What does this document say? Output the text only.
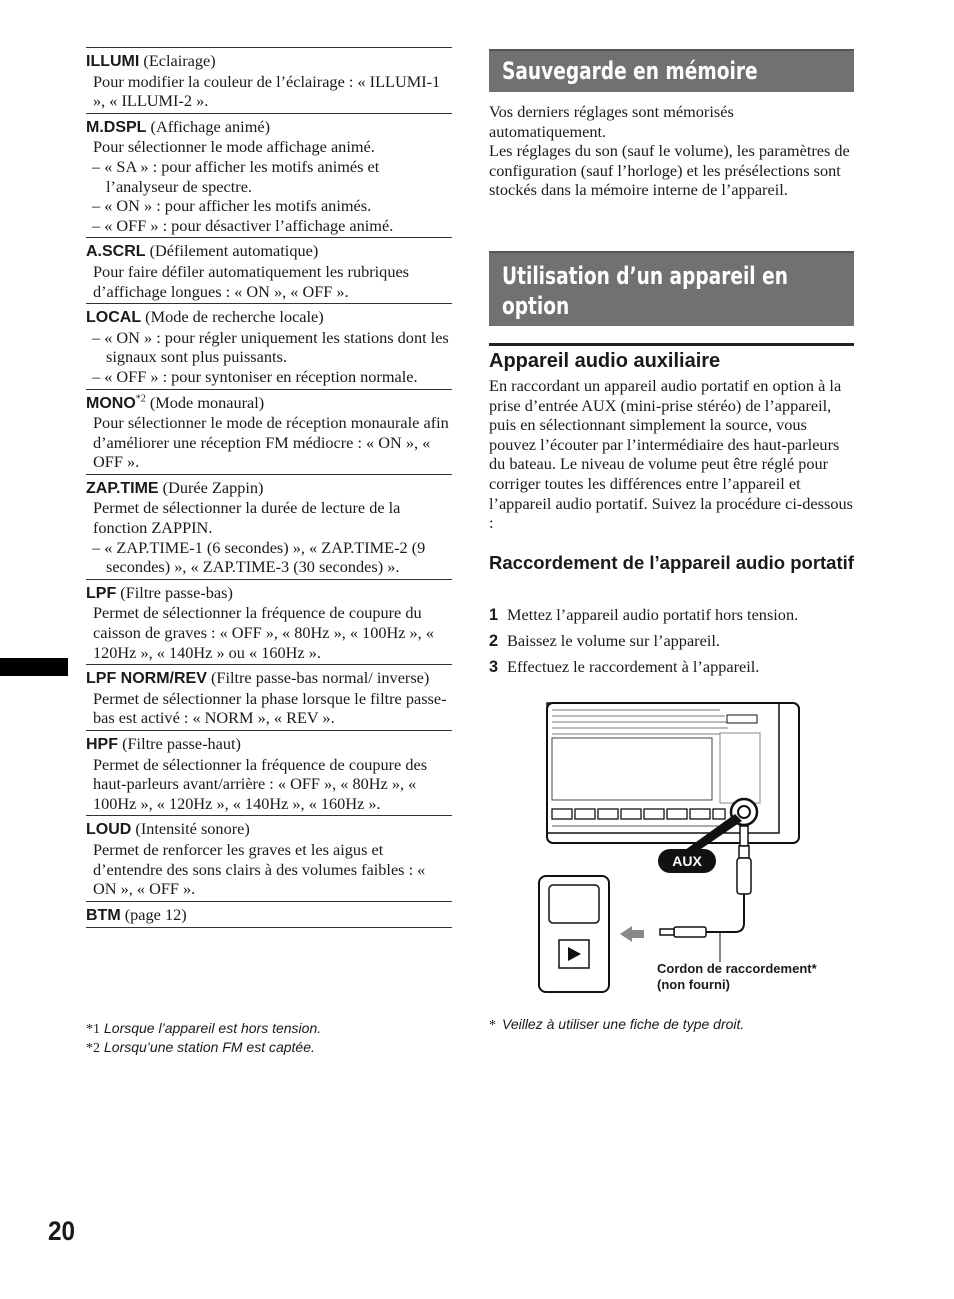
ILLUMI (Eclairage)
Pour modifier la couleur de l’éclairage : « ILLUMI-1 », « ILLUMI-2 ».
M.DSPL (Affichage animé)
Pour sélectionner le mode affichage animé.
– « SA » : pour afficher les motifs animés et l’analyseur de spectre.
– « ON » : pour afficher les motifs animés.
– « OFF » : pour désactiver l’affichage animé.
A.SCRL (Défilement automatique)
Pour faire défiler automatiquement les rubriques d’affichage longues : « ON », « OFF ».
LOCAL (Mode de recherche locale)
– « ON » : pour régler uniquement les stations dont les signaux sont plus puissants.
– « OFF » : pour syntoniser en réception normale.
MONO$^{*2}$ (Mode monaural)
Pour sélectionner le mode de réception monaurale afin d’améliorer une réception FM médiocre : « ON », « OFF ».
ZAP.TIME (Durée Zappin)
Permet de sélectionner la durée de lecture de la fonction ZAPPIN.
– « ZAP.TIME-1 (6 secondes) », « ZAP.TIME-2 (9 secondes) », « ZAP.TIME-3 (30 secondes) ».
LPF (Filtre passe-bas)
Permet de sélectionner la fréquence de coupure du caisson de graves : « OFF », « 80Hz », « 100Hz », « 120Hz », « 140Hz » ou « 160Hz ».
LPF NORM/REV (Filtre passe-bas normal/ inverse)
Permet de sélectionner la phase lorsque le filtre passe-bas est activé : « NORM », « REV ».
HPF (Filtre passe-haut)
Permet de sélectionner la fréquence de coupure des haut-parleurs avant/arrière : « OFF », « 80Hz », « 100Hz », « 120Hz », « 140Hz », « 160Hz ».
LOUD (Intensité sonore)
Permet de renforcer les graves et les aigus et d’entendre des sons clairs à des volumes faibles : « ON », « OFF ».
BTM (page 12)
*1 Lorsque l’appareil est hors tension.
*2 Lorsqu’une station FM est captée.
20
Sauvegarde en mémoire
Vos derniers réglages sont mémorisés automatiquement.
Les réglages du son (sauf le volume), les paramètres de configuration (sauf l’horloge) et les présélections sont stockés dans la mémoire interne de l’appareil.
Utilisation d’un appareil en
option
Appareil audio auxiliaire
En raccordant un appareil audio portatif en option à la prise d’entrée AUX (mini-prise stéréo) de l’appareil, puis en sélectionnant simplement la source, vous pouvez l’écouter par l’intermédiaire des haut-parleurs du bateau. Le niveau de volume peut être réglé pour corriger toutes les différences entre l’appareil et l’appareil audio portatif. Suivez la procédure ci-dessous :
Raccordement de l’appareil audio portatif
1 Mettez l’appareil audio portatif hors tension.
2 Baissez le volume sur l’appareil.
3 Effectuez le raccordement à l’appareil.
AUX
Cordon de raccordement*
(non fourni)
* Veillez à utiliser une fiche de type droit.
